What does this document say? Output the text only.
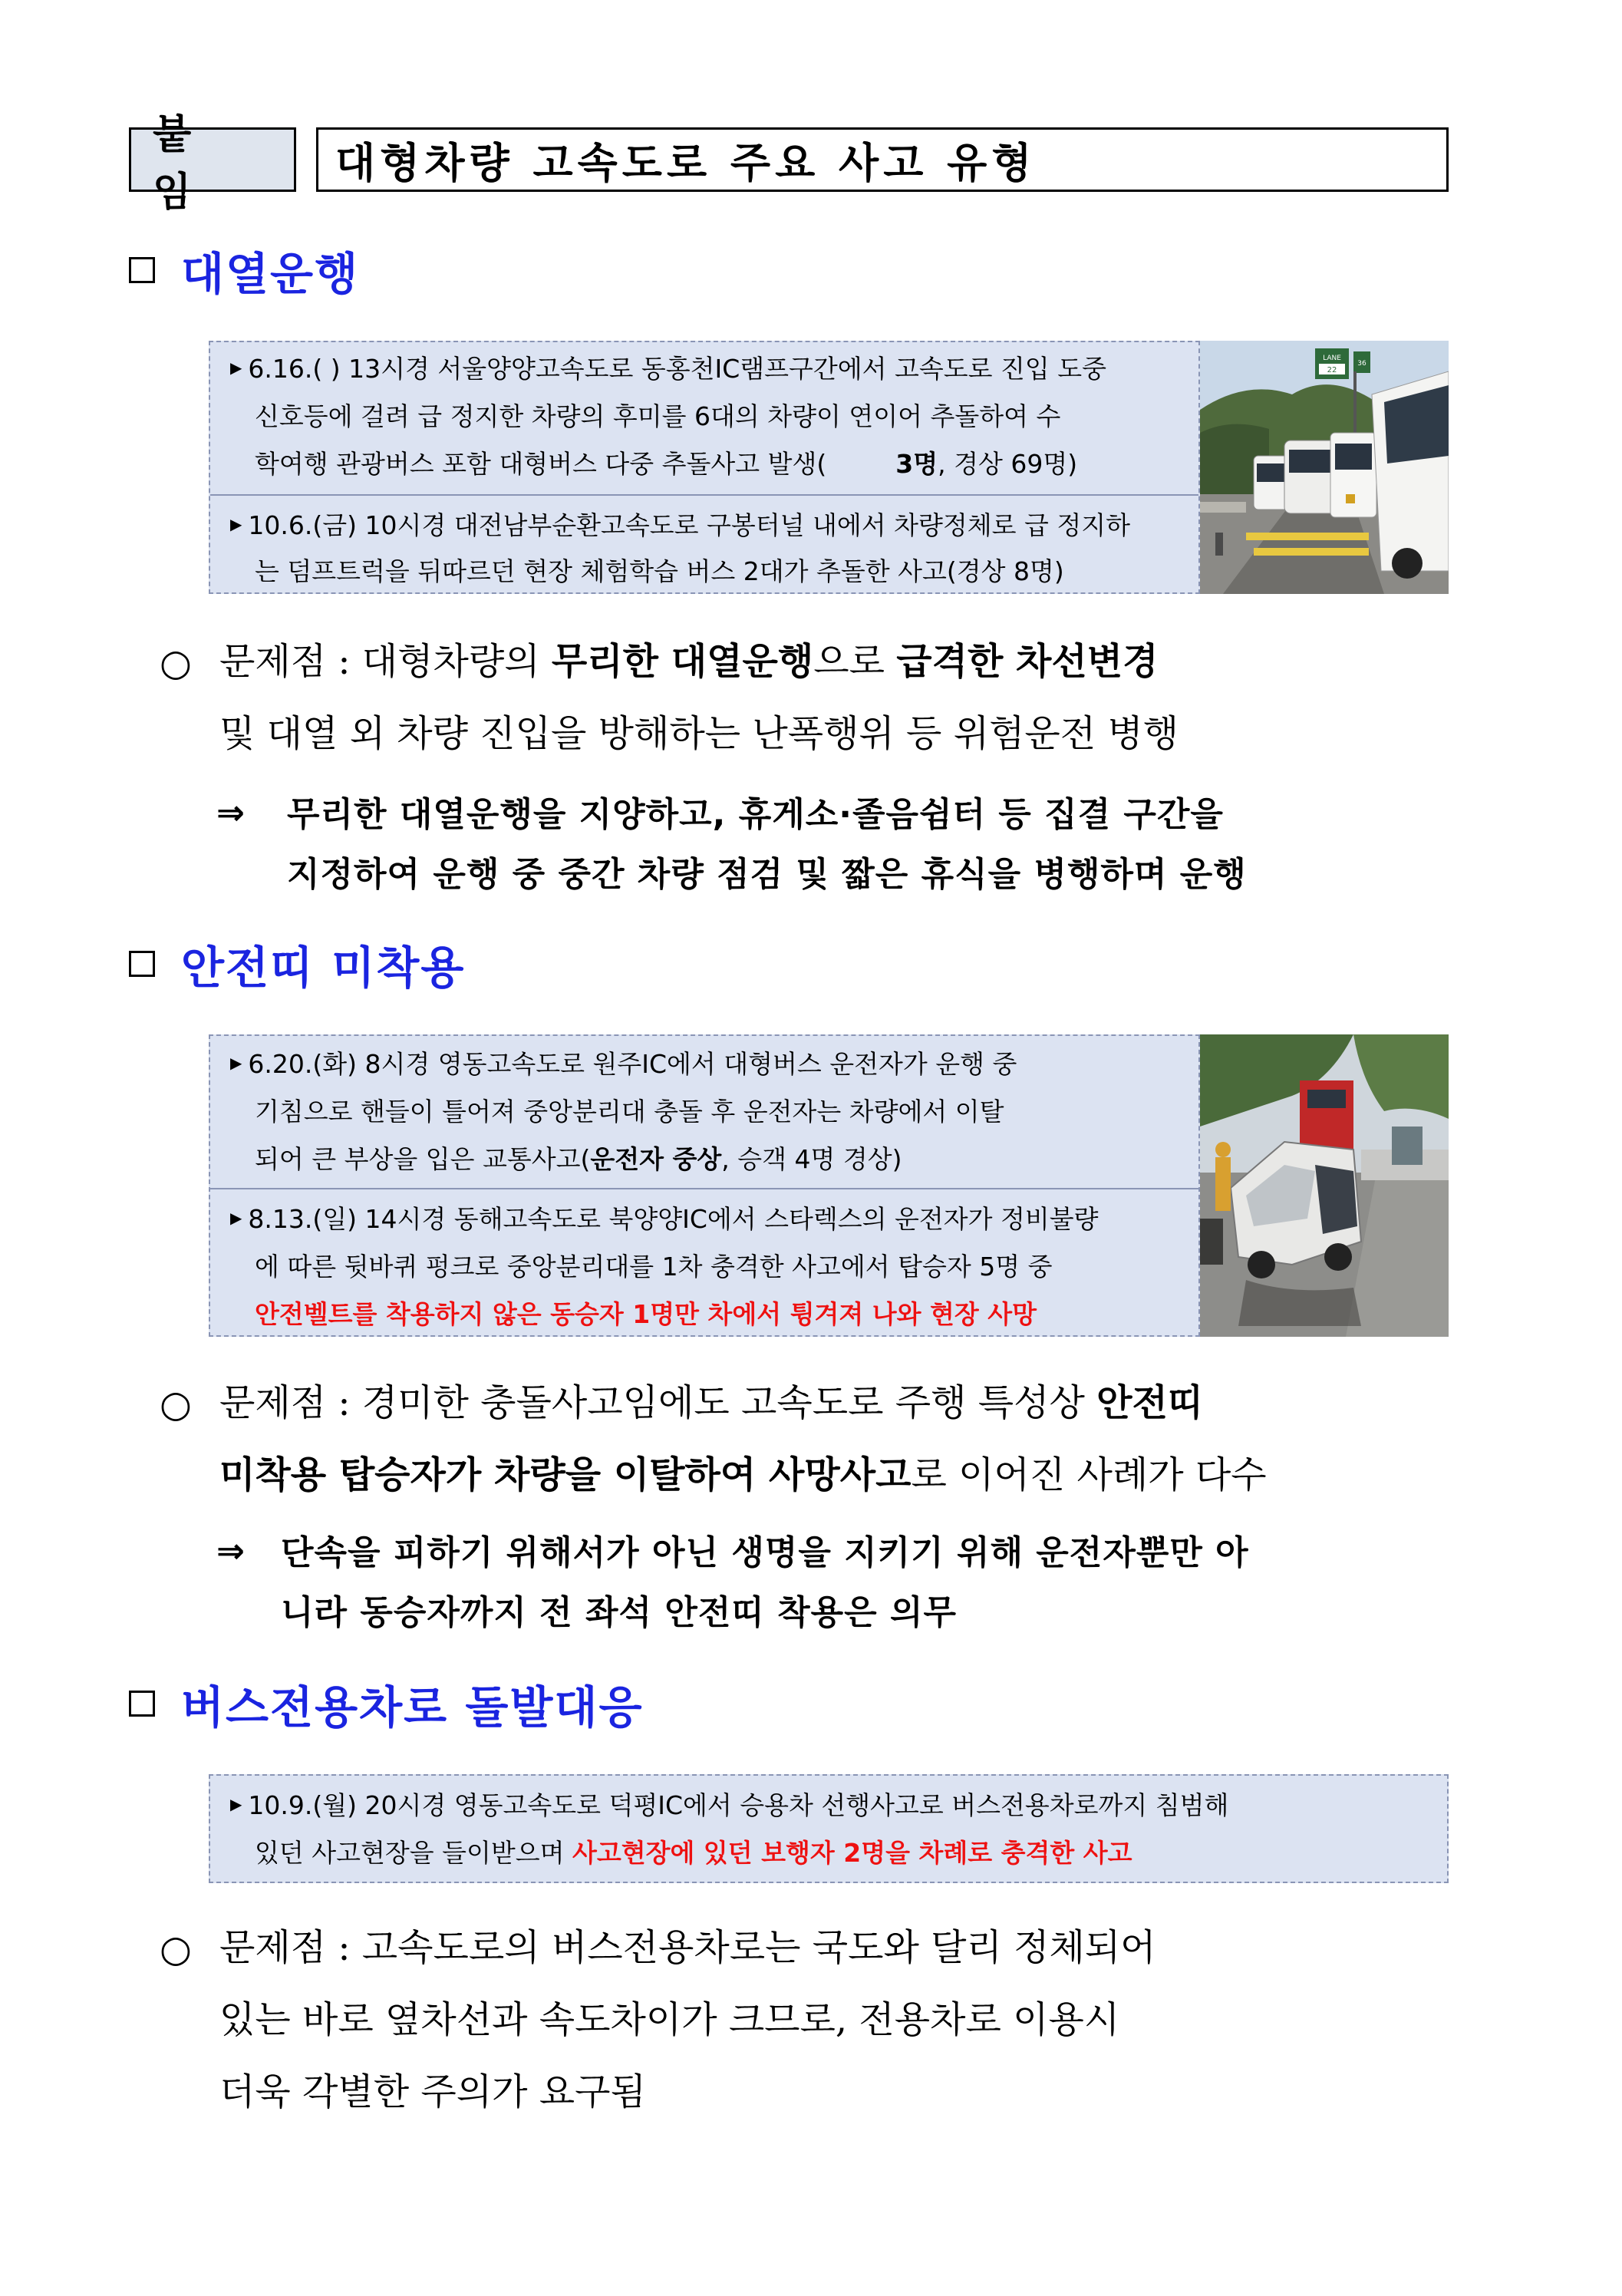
붙 임
대형차량 고속도로 주요 사고 유형
대열운행
▶ 6.16.( ) 13시경 서울양양고속도로 동홍천IC램프구간에서 고속도로 진입 도중
신호등에 걸려 급 정지한 차량의 후미를 6대의 차량이 연이어 추돌하여 수
학여행 관광버스 포함 대형버스 다중 추돌사고 발생(	3명, 경상 69명)
▶ 10.6.(금) 10시경 대전남부순환고속도로 구봉터널 내에서 차량정체로 급 정지하
는 덤프트럭을 뒤따르던 현장 체험학습 버스 2대가 추돌한 사고(경상 8명)
LANE
22
36
○ 문제점 : 대형차량의 무리한 대열운행으로 급격한 차선변경
및 대열 외 차량 진입을 방해하는 난폭행위 등 위험운전 병행
⇒ 무리한 대열운행을 지양하고, 휴게소·졸음쉼터 등 집결 구간을
지정하여 운행 중 중간 차량 점검 및 짧은 휴식을 병행하며 운행
안전띠 미착용
▶ 6.20.(화) 8시경 영동고속도로 원주IC에서 대형버스 운전자가 운행 중
기침으로 핸들이 틀어져 중앙분리대 충돌 후 운전자는 차량에서 이탈
되어 큰 부상을 입은 교통사고(운전자 중상, 승객 4명 경상)
▶ 8.13.(일) 14시경 동해고속도로 북양양IC에서 스타렉스의 운전자가 정비불량
에 따른 뒷바퀴 펑크로 중앙분리대를 1차 충격한 사고에서 탑승자 5명 중
안전벨트를 착용하지 않은 동승자 1명만 차에서 튕겨져 나와 현장 사망
○ 문제점 : 경미한 충돌사고임에도 고속도로 주행 특성상 안전띠
미착용 탑승자가 차량을 이탈하여 사망사고로 이어진 사례가 다수
⇒ 단속을 피하기 위해서가 아닌 생명을 지키기 위해 운전자뿐만 아
니라 동승자까지 전 좌석 안전띠 착용은 의무
버스전용차로 돌발대응
▶ 10.9.(월) 20시경 영동고속도로 덕평IC에서 승용차 선행사고로 버스전용차로까지 침범해
있던 사고현장을 들이받으며 사고현장에 있던 보행자 2명을 차례로 충격한 사고
○ 문제점 : 고속도로의 버스전용차로는 국도와 달리 정체되어
있는 바로 옆차선과 속도차이가 크므로, 전용차로 이용시
더욱 각별한 주의가 요구됨
